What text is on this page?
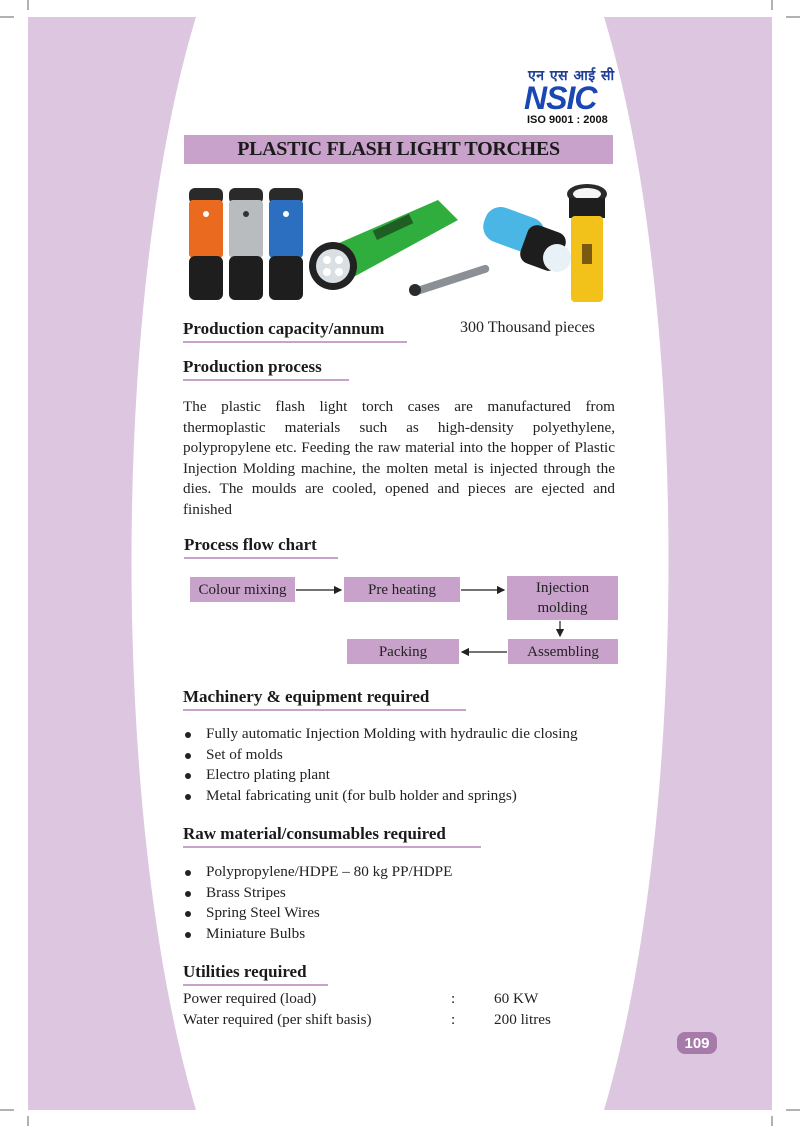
एन एस आई सी
NSIC
ISO 9001 : 2008
PLASTIC FLASH LIGHT TORCHES
Production capacity/annum	300 Thousand pieces
Production process
The plastic flash light torch cases are manufactured from thermoplastic materials such as high-density polyethylene, polypropylene etc. Feeding the raw material into the hopper of Plastic Injection Molding machine, the molten metal is injected through the dies. The moulds are cooled, opened and pieces are ejected and finished
Process flow chart
Colour mixing	Pre heating	Injection molding
Assembling
Packing
Machinery & equipment required
Fully automatic Injection Molding with hydraulic die closing
Set of molds
Electro plating plant
Metal fabricating unit (for bulb holder and springs)
Raw material/consumables required
Polypropylene/HDPE – 80 kg PP/HDPE
Brass Stripes
Spring Steel Wires
Miniature Bulbs
Utilities required
Power required (load)	:	60 KW
Water required (per shift basis)	:	200 litres
109
